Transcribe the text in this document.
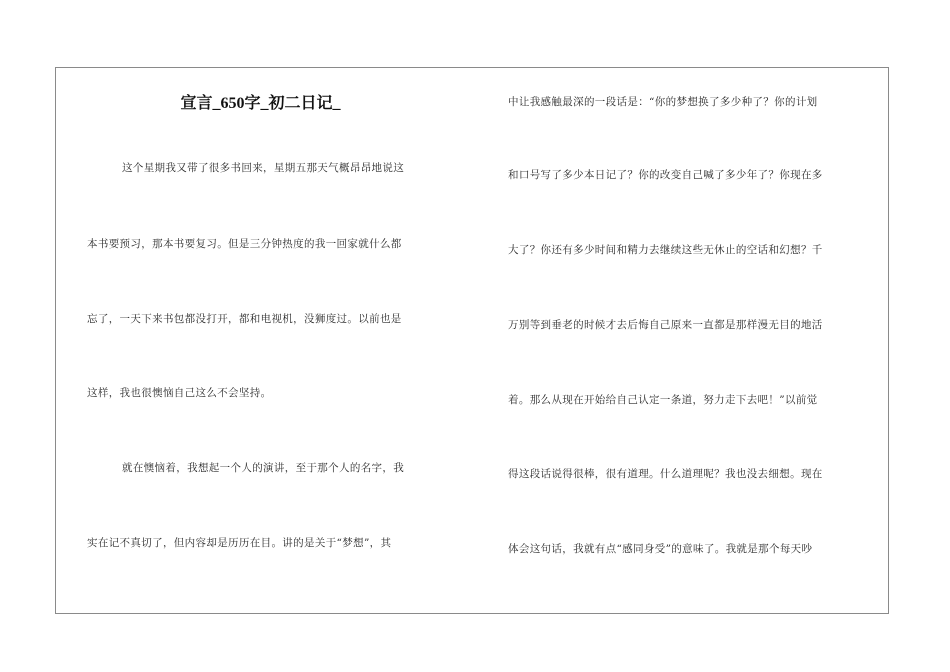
宣言_650字_初二日记_
这个星期我又带了很多书回来，星期五那天气概昂昂地说这
本书要预习，那本书要复习。但是三分钟热度的我一回家就什么都
忘了，一天下来书包都没打开，都和电视机，没狮度过。以前也是
这样，我也很懊恼自己这么不会坚持。
就在懊恼着，我想起一个人的演讲，至于那个人的名字，我
实在记不真切了，但内容却是历历在目。讲的是关于“梦想”，其
中让我感触最深的一段话是：“你的梦想换了多少种了？你的计划
和口号写了多少本日记了？你的改变自己喊了多少年了？你现在多
大了？你还有多少时间和精力去继续这些无休止的空话和幻想？千
万别等到垂老的时候才去后悔自己原来一直都是那样漫无目的地活
着。那么从现在开始给自己认定一条道，努力走下去吧！”以前觉
得这段话说得很棒，很有道理。什么道理呢？我也没去细想。现在
体会这句话，我就有点“感同身受”的意味了。我就是那个每天吵
